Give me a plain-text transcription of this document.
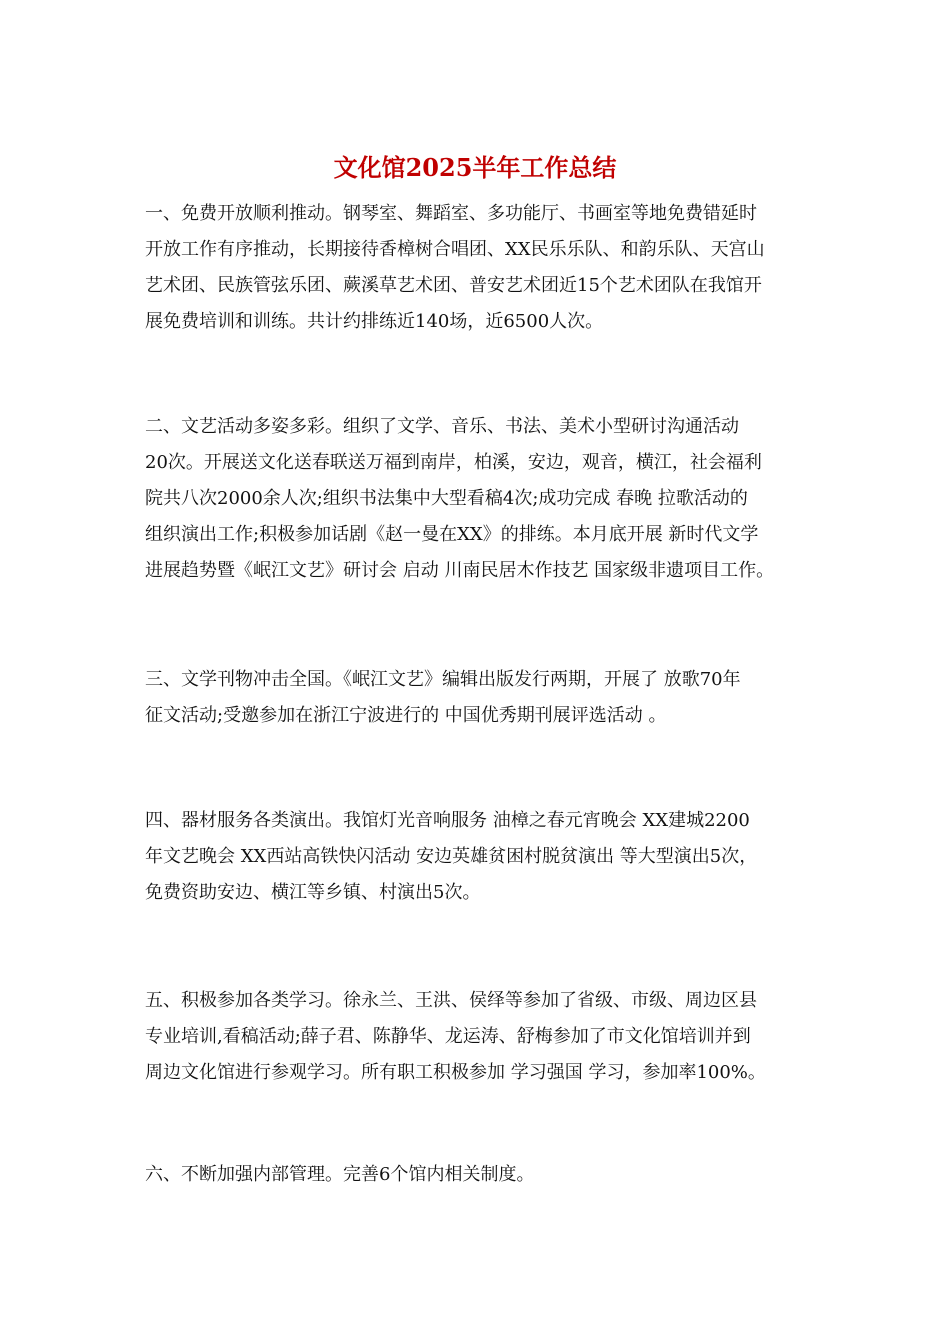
文化馆2025半年工作总结
一、免费开放顺利推动。钢琴室、舞蹈室、多功能厅、书画室等地免费错延时
开放工作有序推动，长期接待香樟树合唱团、XX民乐乐队、和韵乐队、天宫山
艺术团、民族管弦乐团、蕨溪草艺术团、普安艺术团近15个艺术团队在我馆开
展免费培训和训练。共计约排练近140场，近6500人次。
二、文艺活动多姿多彩。组织了文学、音乐、书法、美术小型研讨沟通活动
20次。开展送文化送春联送万福到南岸，柏溪，安边，观音，横江，社会福利
院共八次2000余人次;组织书法集中大型看稿4次;成功完成 春晚 拉歌活动的
组织演出工作;积极参加话剧《赵一曼在XX》的排练。本月底开展 新时代文学
进展趋势暨《岷江文艺》研讨会 启动 川南民居木作技艺 国家级非遗项目工作。
三、文学刊物冲击全国。《岷江文艺》编辑出版发行两期，开展了 放歌70年
征文活动;受邀参加在浙江宁波进行的 中国优秀期刊展评选活动 。
四、器材服务各类演出。我馆灯光音响服务 油樟之春元宵晚会 XX建城2200
年文艺晚会 XX西站高铁快闪活动 安边英雄贫困村脱贫演出 等大型演出5次，
免费资助安边、横江等乡镇、村演出5次。
五、积极参加各类学习。徐永兰、王洪、侯绎等参加了省级、市级、周边区县
专业培训,看稿活动;薛子君、陈静华、龙运涛、舒梅参加了市文化馆培训并到
周边文化馆进行参观学习。所有职工积极参加 学习强国 学习，参加率100%。
六、不断加强内部管理。完善6个馆内相关制度。
